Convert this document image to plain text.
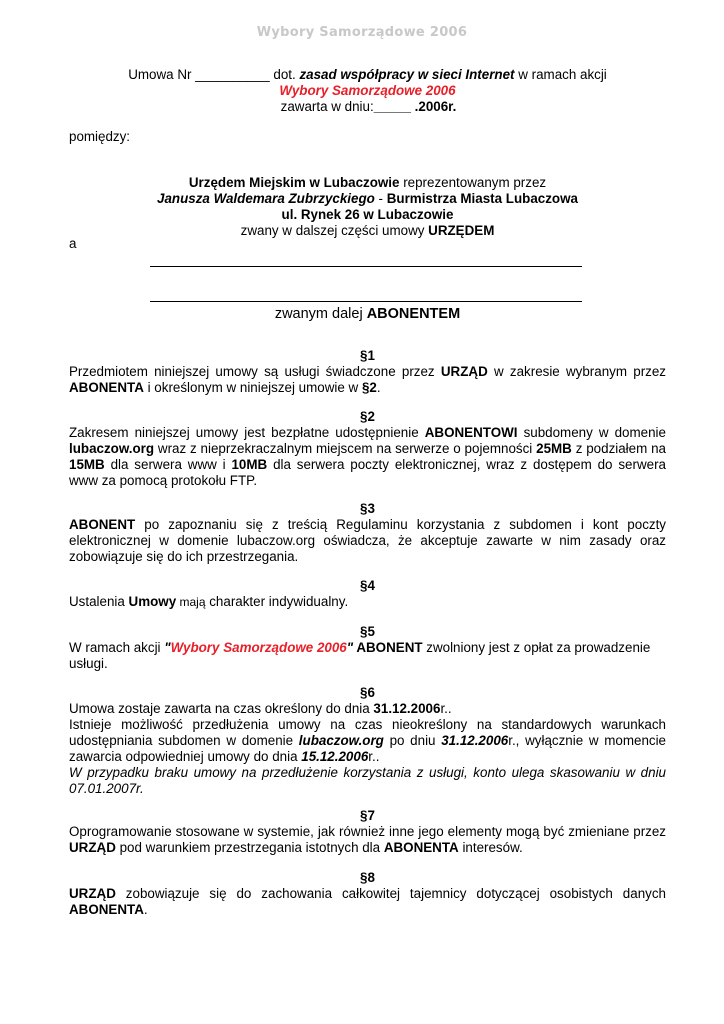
Wybory Samorządowe 2006
Umowa Nr __________ dot. zasad współpracy w sieci Internet w ramach akcji
Wybory Samorządowe 2006
zawarta w dniu:_____ .2006r.
pomiędzy:
Urzędem Miejskim w Lubaczowie reprezentowanym przez
Janusza Waldemara Zubrzyckiego - Burmistrza Miasta Lubaczowa
ul. Rynek 26 w Lubaczowie
zwany w dalszej części umowy URZĘDEM
a
zwanym dalej ABONENTEM
§1
Przedmiotem niniejszej umowy są usługi świadczone przez URZĄD w zakresie wybranym przez ABONENTA i określonym w niniejszej umowie w §2.
§2
Zakresem niniejszej umowy jest bezpłatne udostępnienie ABONENTOWI subdomeny w domenie lubaczow.org wraz z nieprzekraczalnym miejscem na serwerze o pojemności 25MB z podziałem na 15MB dla serwera www i 10MB dla serwera poczty elektronicznej, wraz z dostępem do serwera www za pomocą protokołu FTP.
§3
ABONENT po zapoznaniu się z treścią Regulaminu korzystania z subdomen i kont poczty elektronicznej w domenie lubaczow.org oświadcza, że akceptuje zawarte w nim zasady oraz zobowiązuje się do ich przestrzegania.
§4
Ustalenia Umowy mają charakter indywidualny.
§5
W ramach akcji "Wybory Samorządowe 2006" ABONENT zwolniony jest z opłat za prowadzenie usługi.
§6
Umowa zostaje zawarta na czas określony do dnia 31.12.2006r..
Istnieje możliwość przedłużenia umowy na czas nieokreślony na standardowych warunkach udostępniania subdomen w domenie lubaczow.org po dniu 31.12.2006r., wyłącznie w momencie zawarcia odpowiedniej umowy do dnia 15.12.2006r..
W przypadku braku umowy na przedłużenie korzystania z usługi, konto ulega skasowaniu w dniu 07.01.2007r.
§7
Oprogramowanie stosowane w systemie, jak również inne jego elementy mogą być zmieniane przez URZĄD pod warunkiem przestrzegania istotnych dla ABONENTA interesów.
§8
URZĄD zobowiązuje się do zachowania całkowitej tajemnicy dotyczącej osobistych danych ABONENTA.
